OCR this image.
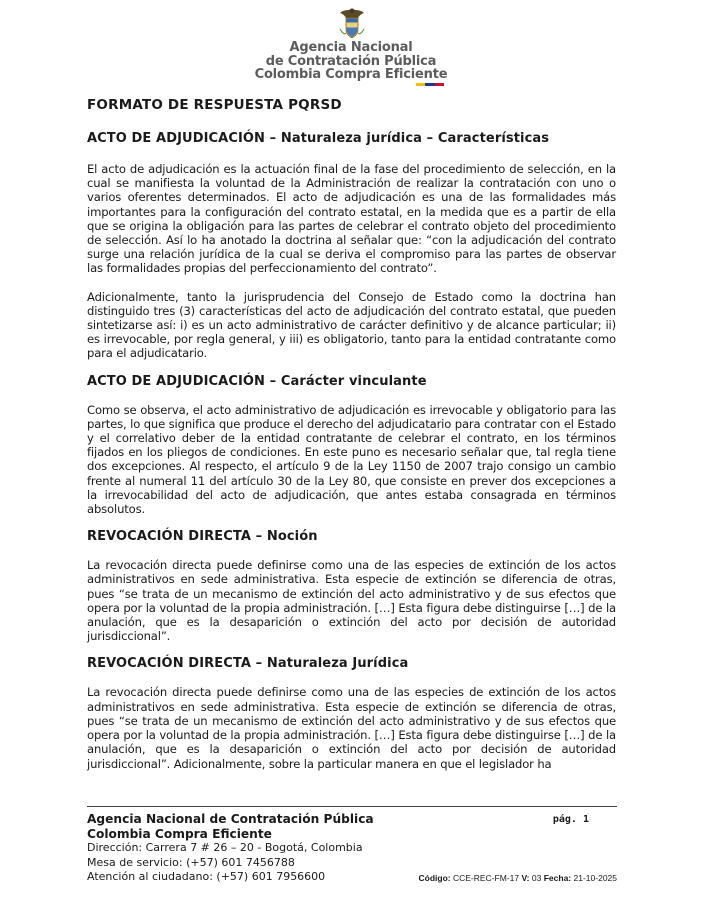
Agencia Nacional
de Contratación Pública
Colombia Compra Eficiente
FORMATO DE RESPUESTA PQRSD
ACTO DE ADJUDICACIÓN – Naturaleza jurídica – Características

El acto de adjudicación es la actuación final de la fase del procedimiento de selección, en la cual se manifiesta la voluntad de la Administración de realizar la contratación con uno o varios oferentes determinados. El acto de adjudicación es una de las formalidades más importantes para la configuración del contrato estatal, en la medida que es a partir de ella que se origina la obligación para las partes de celebrar el contrato objeto del procedimiento de selección. Así lo ha anotado la doctrina al señalar que: “con la adjudicación del contrato surge una relación jurídica de la cual se deriva el compromiso para las partes de observar las formalidades propias del perfeccionamiento del contrato”.

Adicionalmente, tanto la jurisprudencia del Consejo de Estado como la doctrina han distinguido tres (3) características del acto de adjudicación del contrato estatal, que pueden sintetizarse así: i) es un acto administrativo de carácter definitivo y de alcance particular; ii) es irrevocable, por regla general, y iii) es obligatorio, tanto para la entidad contratante como para el adjudicatario.

ACTO DE ADJUDICACIÓN – Carácter vinculante

Como se observa, el acto administrativo de adjudicación es irrevocable y obligatorio para las partes, lo que significa que produce el derecho del adjudicatario para contratar con el Estado y el correlativo deber de la entidad contratante de celebrar el contrato, en los términos fijados en los pliegos de condiciones. En este puno es necesario señalar que, tal regla tiene dos excepciones. Al respecto, el artículo 9 de la Ley 1150 de 2007 trajo consigo un cambio frente al numeral 11 del artículo 30 de la Ley 80, que consiste en prever dos excepciones a la irrevocabilidad del acto de adjudicación, que antes estaba consagrada en términos absolutos.

REVOCACIÓN DIRECTA – Noción

La revocación directa puede definirse como una de las especies de extinción de los actos administrativos en sede administrativa. Esta especie de extinción se diferencia de otras, pues “se trata de un mecanismo de extinción del acto administrativo y de sus efectos que opera por la voluntad de la propia administración. […] Esta figura debe distinguirse […] de la anulación, que es la desaparición o extinción del acto por decisión de autoridad jurisdiccional”.

REVOCACIÓN DIRECTA – Naturaleza Jurídica

La revocación directa puede definirse como una de las especies de extinción de los actos administrativos en sede administrativa. Esta especie de extinción se diferencia de otras, pues “se trata de un mecanismo de extinción del acto administrativo y de sus efectos que opera por la voluntad de la propia administración. […] Esta figura debe distinguirse […] de la anulación, que es la desaparición o extinción del acto por decisión de autoridad jurisdiccional”. Adicionalmente, sobre la particular manera en que el legislador ha

Agencia Nacional de Contratación Pública

Colombia Compra Eficiente

Dirección: Carrera 7 # 26 – 20 - Bogotá, Colombia

Mesa de servicio: (+57) 601 7456788

Atención al ciudadano: (+57) 601 7956600

pág. 1
Código: CCE-REC-FM-17 V: 03 Fecha: 21-10-2025
